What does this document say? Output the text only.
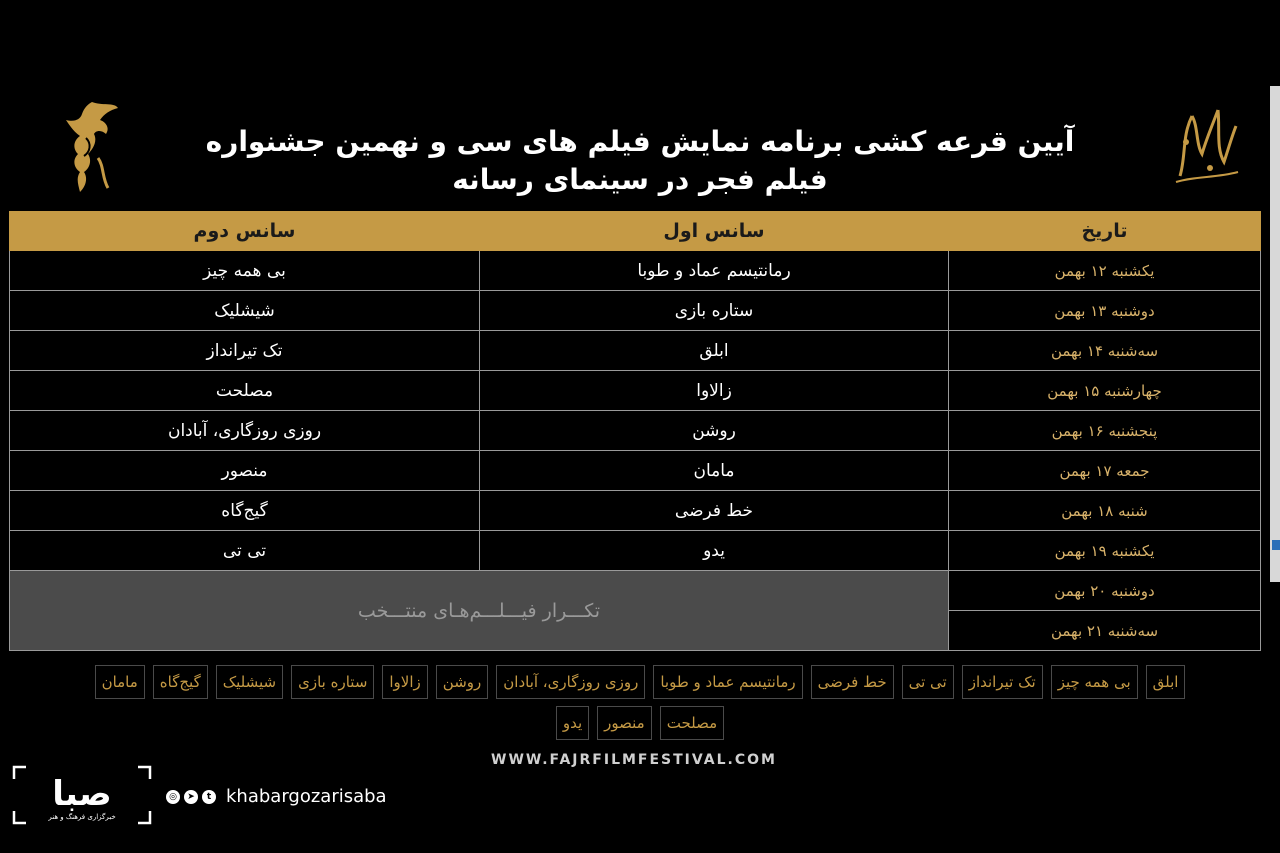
آیین قرعه کشی برنامه نمایش فیلم های سی و نهمین جشنواره
فیلم فجر در سینمای رسانه
تاریخ	سانس اول	سانس دوم
یکشنبه ۱۲ بهمن	رمانتیسم عماد و طوبا	بی همه چیز
دوشنبه ۱۳ بهمن	ستاره بازی	شیشلیک
سه‌شنبه ۱۴ بهمن	ابلق	تک تیرانداز
چهارشنبه ۱۵ بهمن	زالاوا	مصلحت
پنجشنبه ۱۶ بهمن	روشن	روزی روزگاری، آبادان
جمعه ۱۷ بهمن	مامان	منصور
شنبه ۱۸ بهمن	خط فرضی	گیج‌گاه
یکشنبه ۱۹ بهمن	یدو	تی تی
دوشنبه ۲۰ بهمن	تکـــرار فیـــلـــم‌هـای منتـــخب	
سه‌شنبه ۲۱ بهمن		
ابلق
بی همه چیز
تک تیرانداز
تی تی
خط فرضی
رمانتیسم عماد و طوبا
روزی روزگاری، آبادان
روشن
زالاوا
ستاره بازی
شیشلیک
گیج‌گاه
مامان
مصلحت
منصور
یدو
WWW.FAJRFILMFESTIVAL.COM
صبا
خبرگزاری فرهنگ و هنر
◎	➤	t khabargozarisaba
